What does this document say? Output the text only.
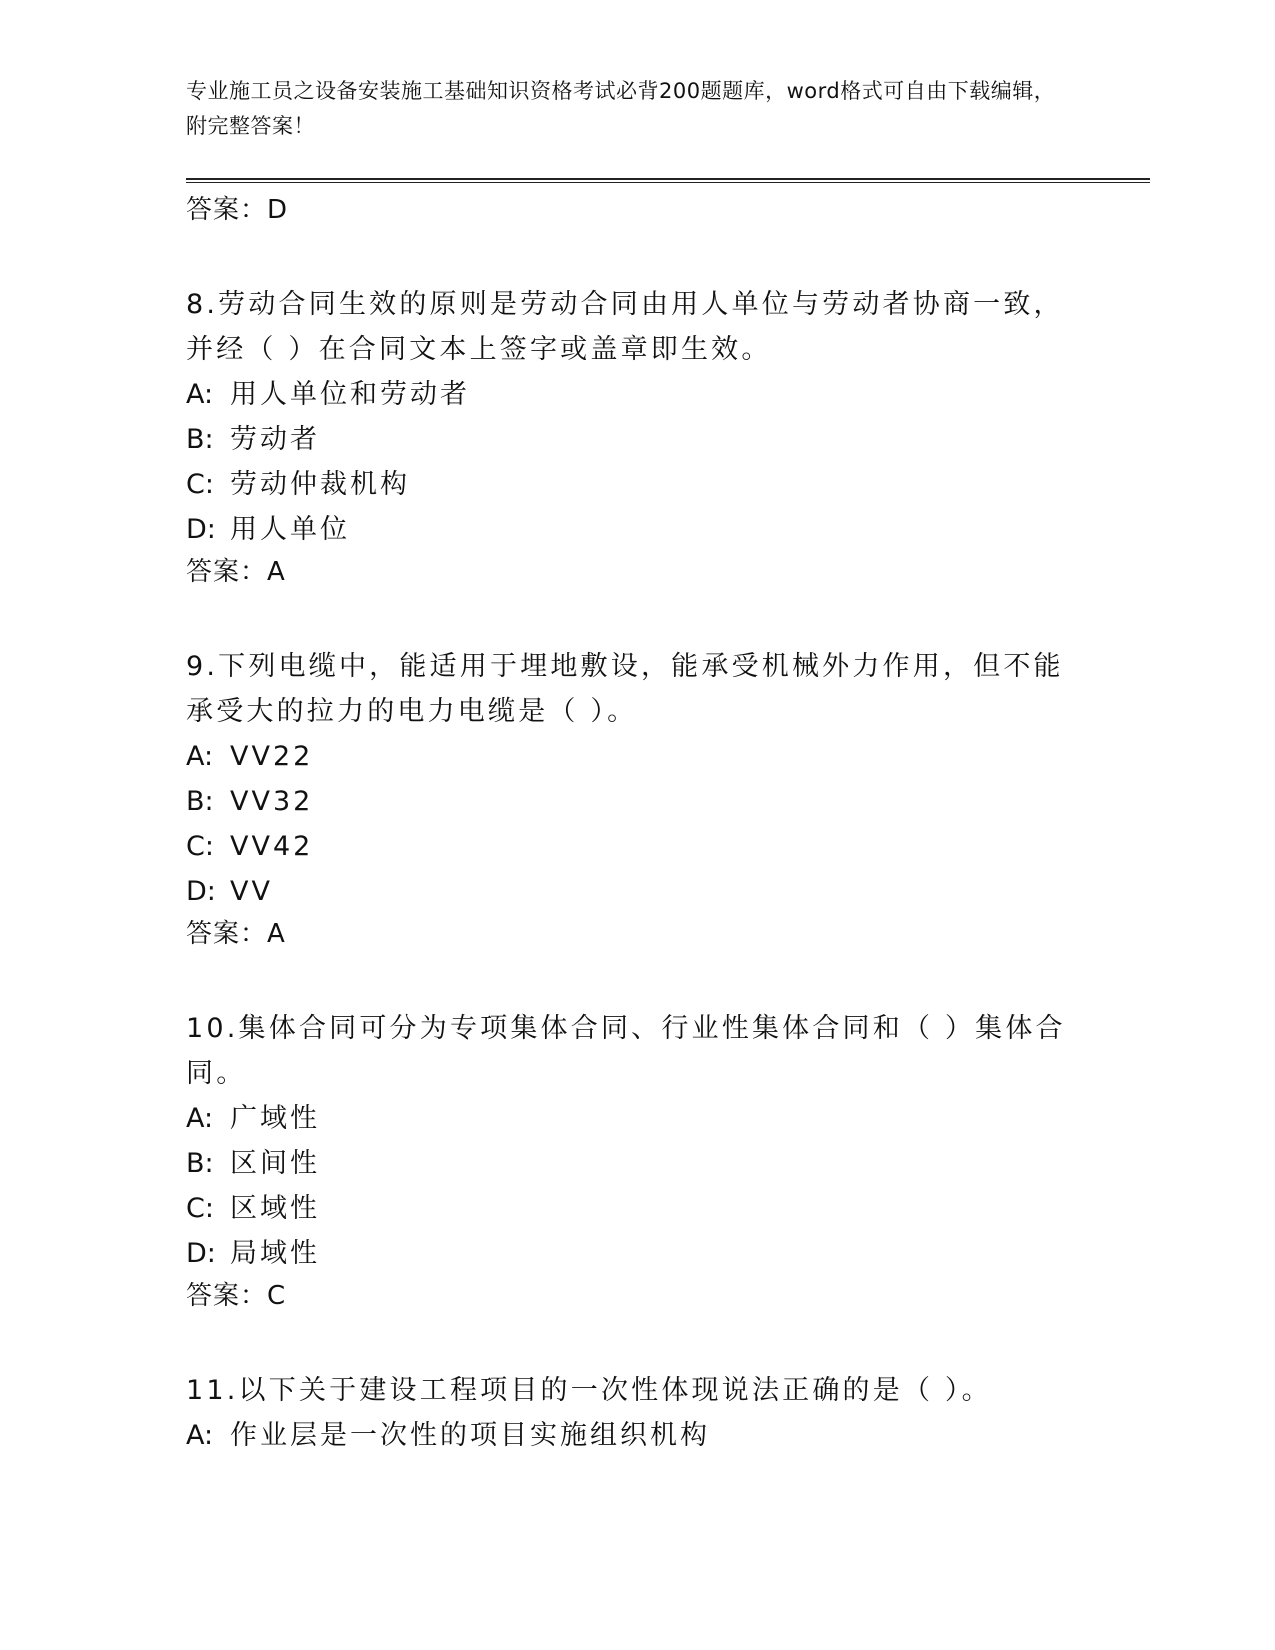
专业施工员之设备安装施工基础知识资格考试必背200题题库，word格式可自由下载编辑，附完整答案！
答案：D
8.劳动合同生效的原则是劳动合同由用人单位与劳动者协商一致，并经（ ）在合同文本上签字或盖章即生效。
A: 用人单位和劳动者
B: 劳动者
C: 劳动仲裁机构
D: 用人单位
答案：A
9.下列电缆中，能适用于埋地敷设，能承受机械外力作用，但不能承受大的拉力的电力电缆是（ ）。
A: VV22
B: VV32
C: VV42
D: VV
答案：A
10.集体合同可分为专项集体合同、行业性集体合同和（ ）集体合同。
A: 广域性
B: 区间性
C: 区域性
D: 局域性
答案：C
11.以下关于建设工程项目的一次性体现说法正确的是（ ）。
A: 作业层是一次性的项目实施组织机构
